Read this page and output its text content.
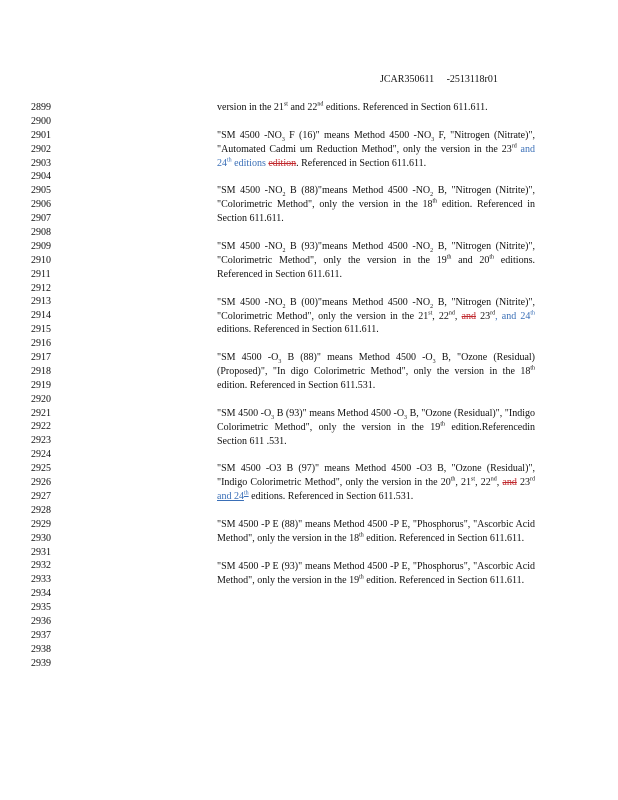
JCAR350611     -2513118r01
2899
2900
2901
2902
2903
2904
2905
2906
2907
2908
2909
2910
2911
2912
2913
2914
2915
2916
2917
2918
2919
2920
2921
2922
2923
2924
2925
2926
2927
2928
2929
2930
2931
2932
2933
2934
2935
2936
2937
2938
2939

version in the 21st and 22nd editions. Referenced in Section 611.611.

"SM 4500 $-NO_3$ F (16)" means Method 4500 $-NO_3$ F, "Nitrogen (Nitrate)", "Automated Cadmi um Reduction Method", only the version in the 23rd and 24th editions edition. Referenced in Section 611.611.

"SM 4500 $-NO_2$ B (88)"means Method 4500 $-NO_2$ B, "Nitrogen (Nitrite)", "Colorimetric Method", only the version in the 18th edition. Referenced in Section 611.611.

"SM 4500 $-NO_2$ B (93)"means Method 4500 $-NO_2$ B, "Nitrogen (Nitrite)", "Colorimetric Method", only the version in the 19th and 20th editions. Referenced in Section 611.611.

"SM 4500 $-NO_2$ B (00)"means Method 4500 $-NO_2$ B, "Nitrogen (Nitrite)", "Colorimetric Method", only the version in the 21st, 22nd, and 23rd, and 24th editions. Referenced in Section 611.611.

"SM 4500 $-O_3$ B (88)" means Method 4500 $-O_3$ B, "Ozone (Residual) (Proposed)", "In digo Colorimetric Method", only the version in the 18th edition. Referenced in Section 611.531.

"SM 4500 $-O_3$ B (93)" means Method 4500 $-O_3$ B, "Ozone (Residual)", "Indigo Colorimetric Method", only the version in the 19th edition.Referencedin Section 611 .531.

"SM 4500 -O3 B (97)" means Method 4500 -O3 B, "Ozone (Residual)", "Indigo Colorimetric Method", only the version in the 20th, 21st, 22nd, and 23rd and 24th editions. Referenced in Section 611.531.

"SM 4500 -P E (88)" means Method 4500 -P E, "Phosphorus", "Ascorbic Acid Method", only the version in the 18th edition. Referenced in Section 611.611.

"SM 4500 -P E (93)" means Method 4500 -P E, "Phosphorus", "Ascorbic Acid Method", only the version in the 19th edition. Referenced in Section 611.611.
